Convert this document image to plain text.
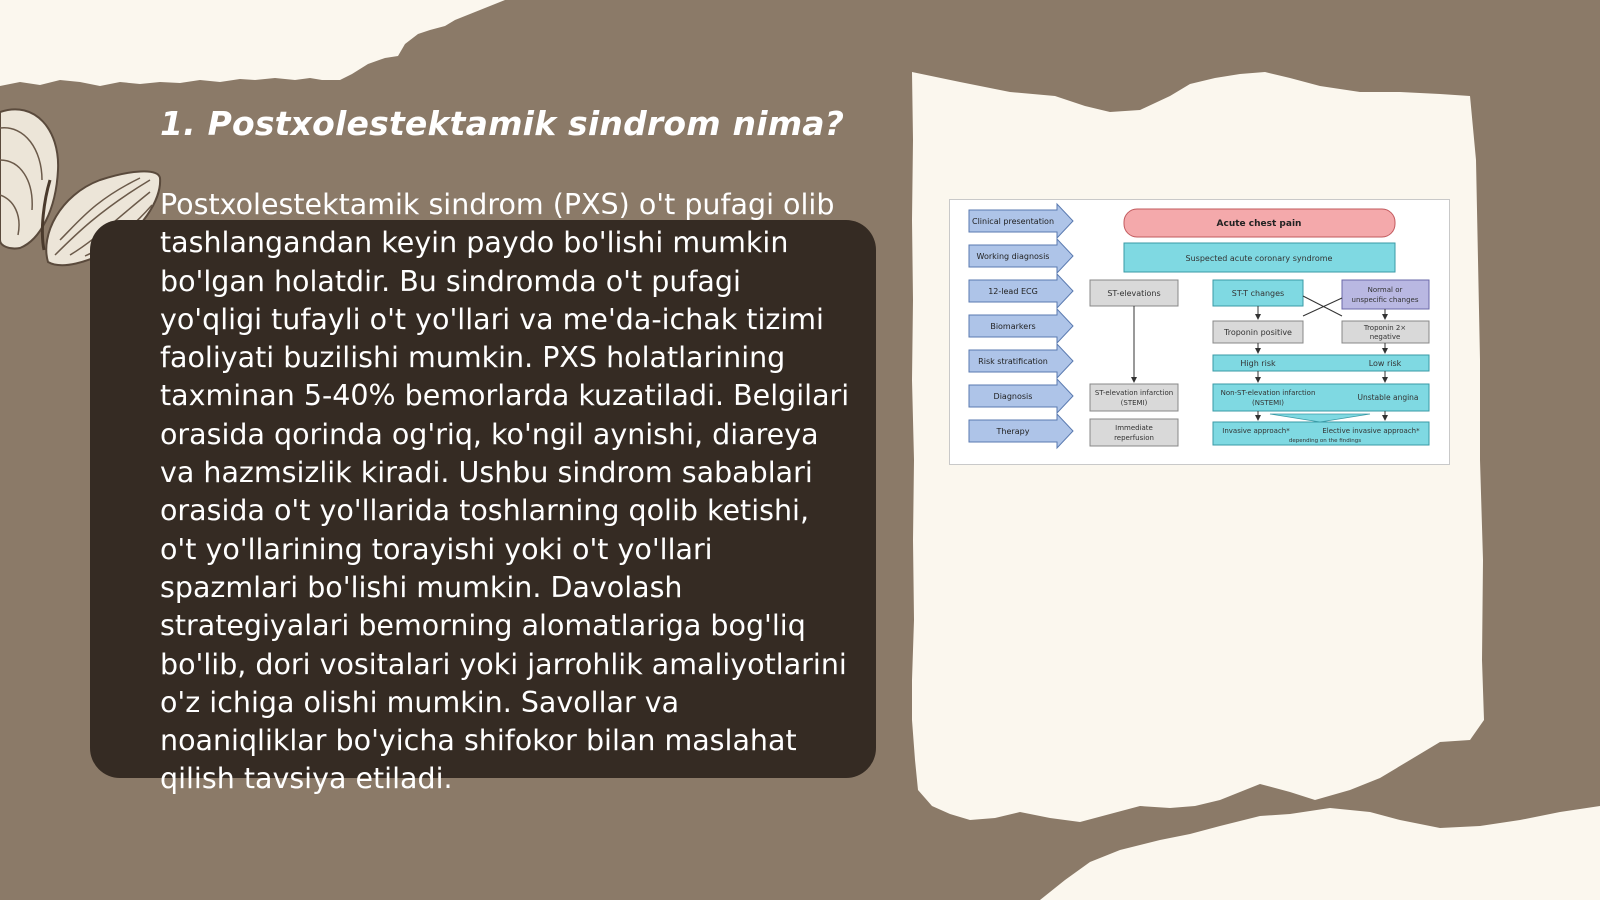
1. Postxolestektamik sindrom nima?

Postxolestektamik sindrom (PXS) o't pufagi olib tashlangandan keyin paydo bo'lishi mumkin bo'lgan holatdir. Bu sindromda o't pufagi yo'qligi tufayli o't yo'llari va me'da-ichak tizimi faoliyati buzilishi mumkin. PXS holatlarining taxminan 5-40% bemorlarda kuzatiladi. Belgilari orasida qorinda og'riq, ko'ngil aynishi, diareya va hazmsizlik kiradi. Ushbu sindrom sabablari orasida o't yo'llarida toshlarning qolib ketishi, o't yo'llarining torayishi yoki o't yo'llari spazmlari bo'lishi mumkin. Davolash strategiyalari bemorning alomatlariga bog'liq bo'lib, dori vositalari yoki jarrohlik amaliyotlarini o'z ichiga olishi mumkin. Savollar va noaniqliklar bo'yicha shifokor bilan maslahat qilish tavsiya etiladi.

Clinical presentation
Working diagnosis
12-lead ECG
Biomarkers
Risk stratification
Diagnosis
Therapy
Acute chest pain
Suspected acute coronary syndrome
ST-elevations	ST-T changes	Normal or
unspecific changes
Troponin positive	Troponin 2×
negative
High risk	Low risk
ST-elevation infarction
(STEMI)
Non-ST-elevation infarction
(NSTEMI)
Unstable angina
Immediate
reperfusion
Invasive approach*	Elective invasive approach*
depending on the findings
